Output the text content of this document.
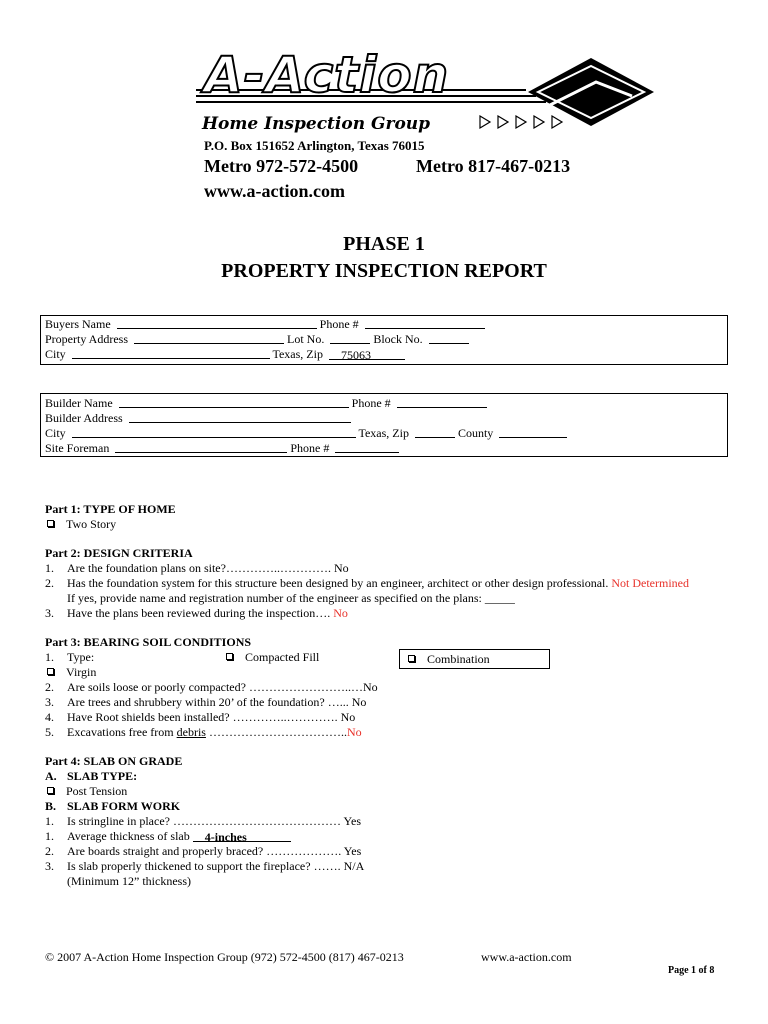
A-Action
Home Inspection Group
P.O. Box 151652 Arlington, Texas 76015
Metro 972-572-4500	Metro 817-467-0213
www.a-action.com
PHASE 1
PROPERTY INSPECTION REPORT
Buyers Name	Phone #
Property Address	Lot No.	Block No.
City	Texas, Zip 75063
Builder Name	Phone #
Builder Address
City	Texas, Zip	County
Site Foreman	Phone #
Part 1: TYPE OF HOME
Two Story
Part 2: DESIGN CRITERIA
1. Are the foundation plans on site?…………..…………. No
2. Has the foundation system for this structure been designed by an engineer, architect or other design professional. Not Determined
If yes, provide name and registration number of the engineer as specified on the plans: _____
3. Have the plans been reviewed during the inspection…. No
Part 3: BEARING SOIL CONDITIONS
1. Type:	Compacted Fill	Combination
Virgin
2. Are soils loose or poorly compacted? ……………………..…No
3. Are trees and shrubbery within 20’ of the foundation? …... No
4. Have Root shields been installed? …………..…………. No
5. Excavations free from debris ……………………………..No
Part 4: SLAB ON GRADE
A. SLAB TYPE:
Post Tension
B. SLAB FORM WORK
1. Is stringline in place? …………………………………… Yes
1. Average thickness of slab 4-inches
2. Are boards straight and properly braced? ………………. Yes
3. Is slab properly thickened to support the fireplace? ……. N/A
(Minimum 12” thickness)
© 2007 A-Action Home Inspection Group (972) 572-4500 (817) 467-0213	www.a-action.com
Page 1 of 8
